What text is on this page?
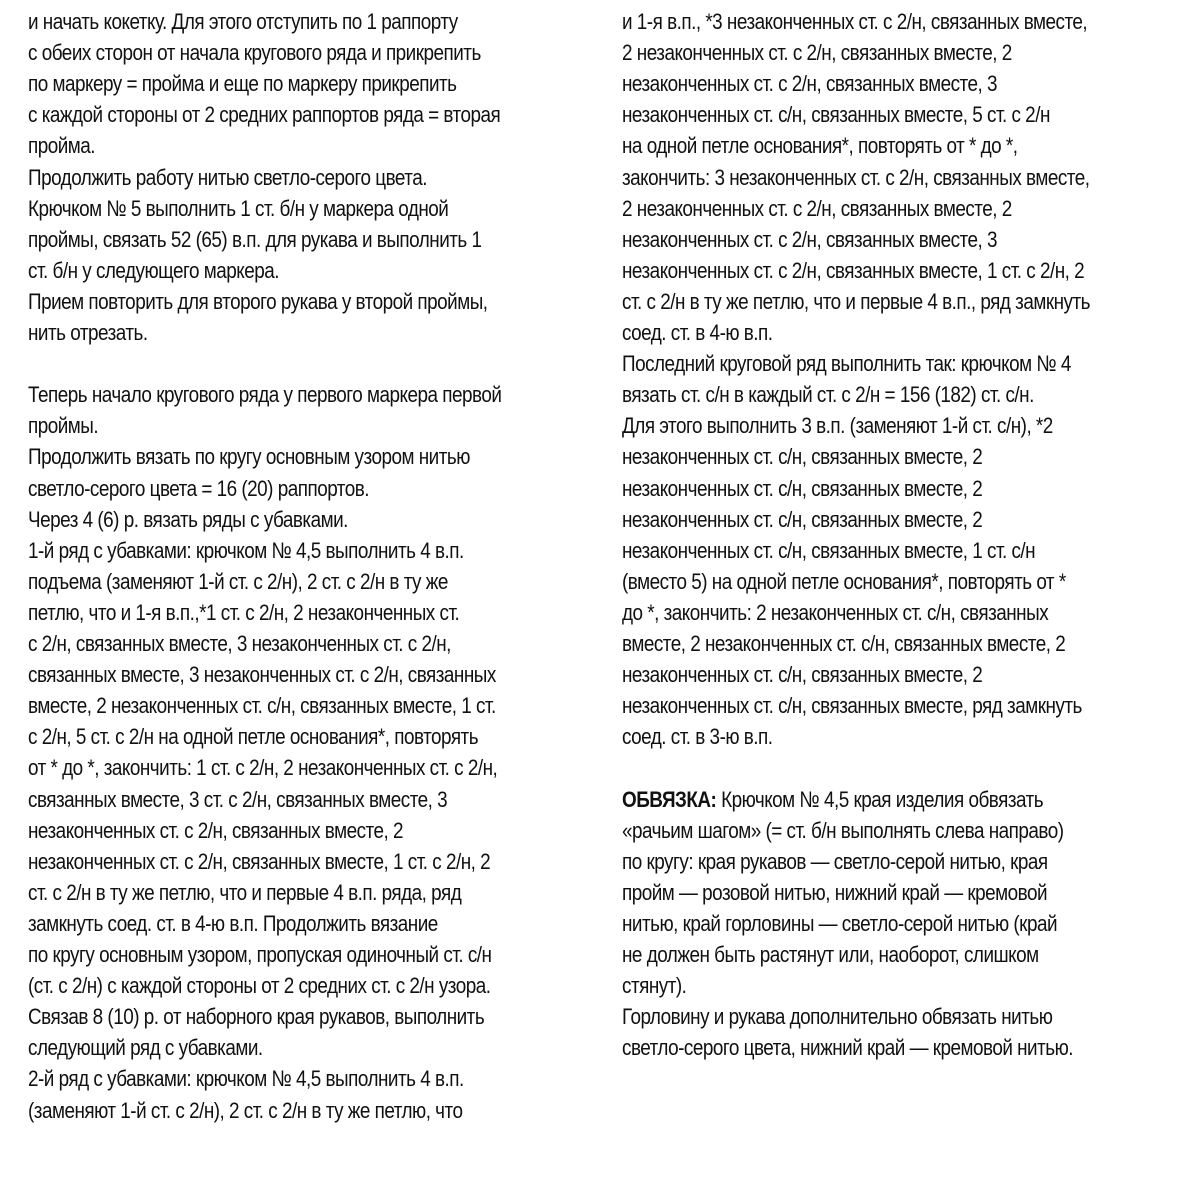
и начать кокетку. Для этого отступить по 1 раппорту
с обеих сторон от начала кругового ряда и прикрепить
по маркеру = пройма и еще по маркеру прикрепить
с каждой стороны от 2 средних раппортов ряда = вторая
пройма.
Продолжить работу нитью светло-серого цвета.
Крючком № 5 выполнить 1 ст. б/н у маркера одной
проймы, связать 52 (65) в.п. для рукава и выполнить 1
ст. б/н у следующего маркера.
Прием повторить для второго рукава у второй проймы,
нить отрезать.
Теперь начало кругового ряда у первого маркера первой
проймы.
Продолжить вязать по кругу основным узором нитью
светло-серого цвета = 16 (20) раппортов.
Через 4 (6) р. вязать ряды с убавками.
1-й ряд с убавками: крючком № 4,5 выполнить 4 в.п.
подъема (заменяют 1-й ст. с 2/н), 2 ст. с 2/н в ту же
петлю, что и 1-я в.п.,*1 ст. с 2/н, 2 незаконченных ст.
с 2/н, связанных вместе, 3 незаконченных ст. с 2/н,
связанных вместе, 3 незаконченных ст. с 2/н, связанных
вместе, 2 незаконченных ст. с/н, связанных вместе, 1 ст.
с 2/н, 5 ст. с 2/н на одной петле основания*, повторять
от * до *, закончить: 1 ст. с 2/н, 2 незаконченных ст. с 2/н,
связанных вместе, 3 ст. с 2/н, связанных вместе, 3
незаконченных ст. с 2/н, связанных вместе, 2
незаконченных ст. с 2/н, связанных вместе, 1 ст. с 2/н, 2
ст. с 2/н в ту же петлю, что и первые 4 в.п. ряда, ряд
замкнуть соед. ст. в 4-ю в.п. Продолжить вязание
по кругу основным узором, пропуская одиночный ст. с/н
(ст. с 2/н) с каждой стороны от 2 средних ст. с 2/н узора.
Связав 8 (10) р. от наборного края рукавов, выполнить
следующий ряд с убавками.
2-й ряд с убавками: крючком № 4,5 выполнить 4 в.п.
(заменяют 1-й ст. с 2/н), 2 ст. с 2/н в ту же петлю, что
и 1-я в.п., *3 незаконченных ст. с 2/н, связанных вместе,
2 незаконченных ст. с 2/н, связанных вместе, 2
незаконченных ст. с 2/н, связанных вместе, 3
незаконченных ст. с/н, связанных вместе, 5 ст. с 2/н
на одной петле основания*, повторять от * до *,
закончить: 3 незаконченных ст. с 2/н, связанных вместе,
2 незаконченных ст. с 2/н, связанных вместе, 2
незаконченных ст. с 2/н, связанных вместе, 3
незаконченных ст. с 2/н, связанных вместе, 1 ст. с 2/н, 2
ст. с 2/н в ту же петлю, что и первые 4 в.п., ряд замкнуть
соед. ст. в 4-ю в.п.
Последний круговой ряд выполнить так: крючком № 4
вязать ст. с/н в каждый ст. с 2/н = 156 (182) ст. с/н.
Для этого выполнить 3 в.п. (заменяют 1-й ст. с/н), *2
незаконченных ст. с/н, связанных вместе, 2
незаконченных ст. с/н, связанных вместе, 2
незаконченных ст. с/н, связанных вместе, 2
незаконченных ст. с/н, связанных вместе, 1 ст. с/н
(вместо 5) на одной петле основания*, повторять от *
до *, закончить: 2 незаконченных ст. с/н, связанных
вместе, 2 незаконченных ст. с/н, связанных вместе, 2
незаконченных ст. с/н, связанных вместе, 2
незаконченных ст. с/н, связанных вместе, ряд замкнуть
соед. ст. в 3-ю в.п.
ОБВЯЗКА: Крючком № 4,5 края изделия обвязать
«рачьим шагом» (= ст. б/н выполнять слева направо)
по кругу: края рукавов — светло-серой нитью, края
пройм — розовой нитью, нижний край — кремовой
нитью, край горловины — светло-серой нитью (край
не должен быть растянут или, наоборот, слишком
стянут).
Горловину и рукава дополнительно обвязать нитью
светло-серого цвета, нижний край — кремовой нитью.
